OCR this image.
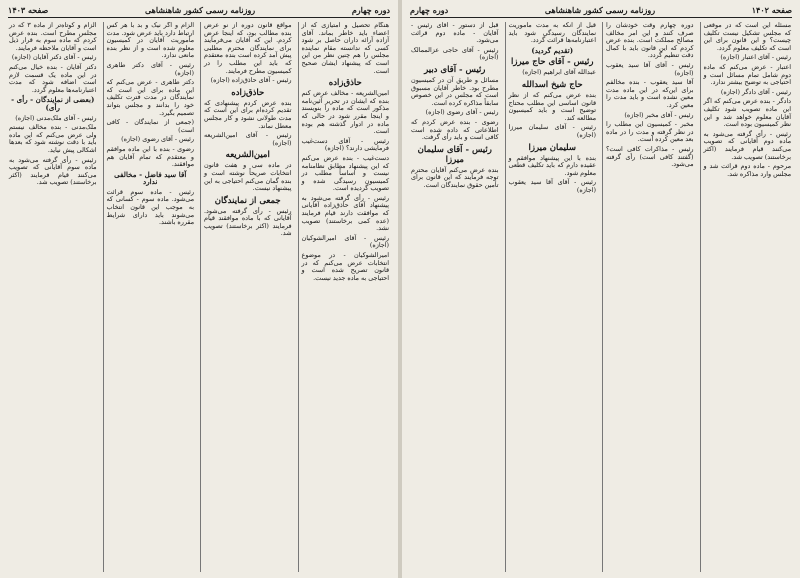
دوره چهارم
روزنامه رسمی کشور شاهنشاهی
صفحه ۱۴۰۳

هنگام تحصیل و امتیازی که از اعضاء باید خاطر بماند. آقای آزاده آرائه داران حاصل بر شود کسی که ندانسته مقام نماینده مجلس را هم چنین نظر من این است که پیشنهاد ایشان صحیح است.

حاذق‌زاده

امین‌الشریعه - مخالف عرض کنم بنده که ایشان در تحریر آئین‌نامه مذکور است که ماده را بنویسند و اینجا مقرر شود در حالی که ماده در ادوار گذشته هم بوده است.

رئیس - آقای دست‌غیب فرمایشی دارند؟ (اجازه)

دست‌غیب - بنده عرض می‌کنم که این پیشنهاد مطابق نظامنامه نیست و اساساً مطلب در کمیسیون رسیدگی شده و تصویب گردیده است.

رئیس - رأی گرفته می‌شود به پیشنهاد آقای حاذق‌زاده آقایانی که موافقت دارند قیام فرمایند (عده کمی برخاستند) تصویب نشد.

رئیس - آقای امیرالشوکیان (اجازه)

امیرالشوکیان - در موضوع انتخابات عرض می‌کنم که در قانون تصریح شده است و احتیاجی به ماده جدید نیست.

مواقع قانون دوره از نو عرض بنده مطالب بود، که اینجا عرض کردم. این که آقایان می‌فرمایند برای نمایندگان محترم مطلبی پیش آمد کرده است بنده معتقدم که باید این مطلب را در کمیسیون مطرح فرمایند.

رئیس - آقای حاذق‌زاده (اجازه)

حاذق‌زاده

بنده عرض کردم پیشنهادی که تقدیم کرده‌ام برای این است که مدت طولانی نشود و کار مجلس معطل نماند.

رئیس - آقای امین‌الشریعه (اجازه)

امین‌الشریعه

در ماده سی و هفت قانون انتخابات صریحاً نوشته است و بنده گمان می‌کنم احتیاجی به این پیشنهاد نیست.

جمعی از نمایندگان

رئیس - رأی گرفته می‌شود. آقایانی که با ماده موافقند قیام فرمایند (اکثر برخاستند) تصویب شد.

الزام و اگر نیک و بد با هر کس ارتباط دارد باید عرض شود. مدت مأموریت آقایان در کمیسیون معلوم شده است و از نظر بنده مانعی ندارد.

رئیس - آقای دکتر طاهری (اجازه)

دکتر طاهری - عرض می‌کنم که این ماده برای این است که نمایندگان در مدت فترت تکلیف خود را بدانند و مجلس بتواند تصمیم بگیرد.

(جمعی از نمایندگان - کافی است)

رئیس - آقای رضوی (اجازه)

رضوی - بنده با این ماده موافقم و معتقدم که تمام آقایان هم موافقند.

آقا سید فاضل - مخالفی ندارد

رئیس - ماده سوم قرائت می‌شود. ماده سوم - کسانی که به موجب این قانون انتخاب می‌شوند باید دارای شرایط مقرره باشند.

الزام و کوتاه‌تر از ماده ۳ که در مجلس مطرح است. بنده عرض کردم که ماده سوم به قرار ذیل است و آقایان ملاحظه فرمایند.

رئیس - آقای دکتر آقایان (اجازه)

دکتر آقایان - بنده خیال می‌کنم در این ماده یک قسمت لازم است اضافه شود که مدت اعتبارنامه‌ها معلوم گردد.

(بعضی از نمایندگان - رأی - رأی)

رئیس - آقای ملک‌مدنی (اجازه)

ملک‌مدنی - بنده مخالف نیستم ولی عرض می‌کنم که این ماده باید با دقت نوشته شود که بعدها اشکالی پیش نیاید.

رئیس - رأی گرفته می‌شود به ماده سوم آقایانی که تصویب می‌کنند قیام فرمایند (اکثر برخاستند) تصویب شد.

صفحه ۱۴۰۲
روزنامه رسمی کشور شاهنشاهی
دوره چهارم

مسئله این است که در موقعی که مجلس تشکیل نیست تکلیف چیست؟ و این قانون برای این است که تکلیف معلوم گردد.

رئیس - آقای اعتبار (اجازه)

اعتبار - عرض می‌کنم که ماده دوم شامل تمام مسائل است و احتیاجی به توضیح بیشتر ندارد.

رئیس - آقای دادگر (اجازه)

دادگر - بنده عرض می‌کنم که اگر این ماده تصویب شود تکلیف آقایان معلوم خواهد شد و این نظر کمیسیون بوده است.

رئیس - رأی گرفته می‌شود به ماده دوم آقایانی که تصویب می‌کنند قیام فرمایند (اکثر برخاستند) تصویب شد.

مرحوم - ماده دوم قرائت شد و مجلس وارد مذاکره شد.

دوره چهارم وقت خودشان را صرف کنند و این امر مخالف مصالح مملکت است. بنده عرض کردم که این قانون باید با کمال دقت تنظیم گردد.

رئیس - آقای آقا سید یعقوب (اجازه)

آقا سید یعقوب - بنده مخالفم برای این‌که در این ماده مدت معین نشده است و باید مدت را معین کرد.

رئیس - آقای مخبر (اجازه)

مخبر - کمیسیون این مطلب را در نظر گرفته و مدت را در ماده بعد معین کرده است.

رئیس - مذاکرات کافی است؟ (گفتند کافی است) رأی گرفته می‌شود.

قبل از آنکه به مدت مأموریت نمایندگان رسیدگی شود باید اعتبارنامه‌ها قرائت گردد.

(تقدیم گردید)
رئیس - آقای حاج میرزا

عبدالله آقای ابراهیم (اجازه)

حاج شیخ اسدالله

بنده عرض می‌کنم که از نظر قانون اساسی این مطلب محتاج توضیح است و باید کمیسیون مطالعه کند.

رئیس - آقای سلیمان میرزا (اجازه)

سلیمان میرزا

بنده با این پیشنهاد موافقم و عقیده دارم که باید تکلیف قطعی معلوم شود.

رئیس - آقای آقا سید یعقوب (اجازه)

قبل از دستور - آقای رئیس - آقایان - ماده دوم قرائت می‌شود.

رئیس - آقای حاجی عزالممالک (اجازه)

رئیس - آقای دبیر

مسائل و طریق آن در کمیسیون مطرح بود. خاطر آقایان مسبوق است که مجلس در این خصوص سابقاً مذاکره کرده است.

رئیس - آقای رضوی (اجازه)

رضوی - بنده عرض کردم که اطلاعاتی که داده شده است کافی است و باید رأی گرفت.

رئیس - آقای سلیمان میرزا

بنده عرض می‌کنم آقایان محترم توجه فرمایند که این قانون برای تأمین حقوق نمایندگان است.
